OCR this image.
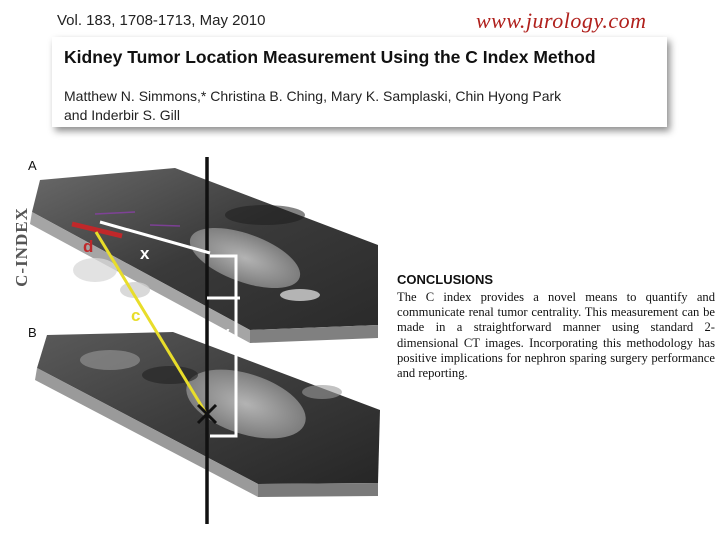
Vol. 183, 1708-1713, May 2010	www.jurology.com
Kidney Tumor Location Measurement Using the C Index Method
Matthew N. Simmons,* Christina B. Ching, Mary K. Samplaski, Chin Hyong Park
and Inderbir S. Gill
C-INDEX
A
B
d	x
c
y

CONCLUSIONS

The C index provides a novel means to quantify and communicate renal tumor centrality. This measurement can be made in a straightforward manner using standard 2-dimensional CT images. Incorporating this methodology has positive implications for nephron sparing surgery performance and reporting.
